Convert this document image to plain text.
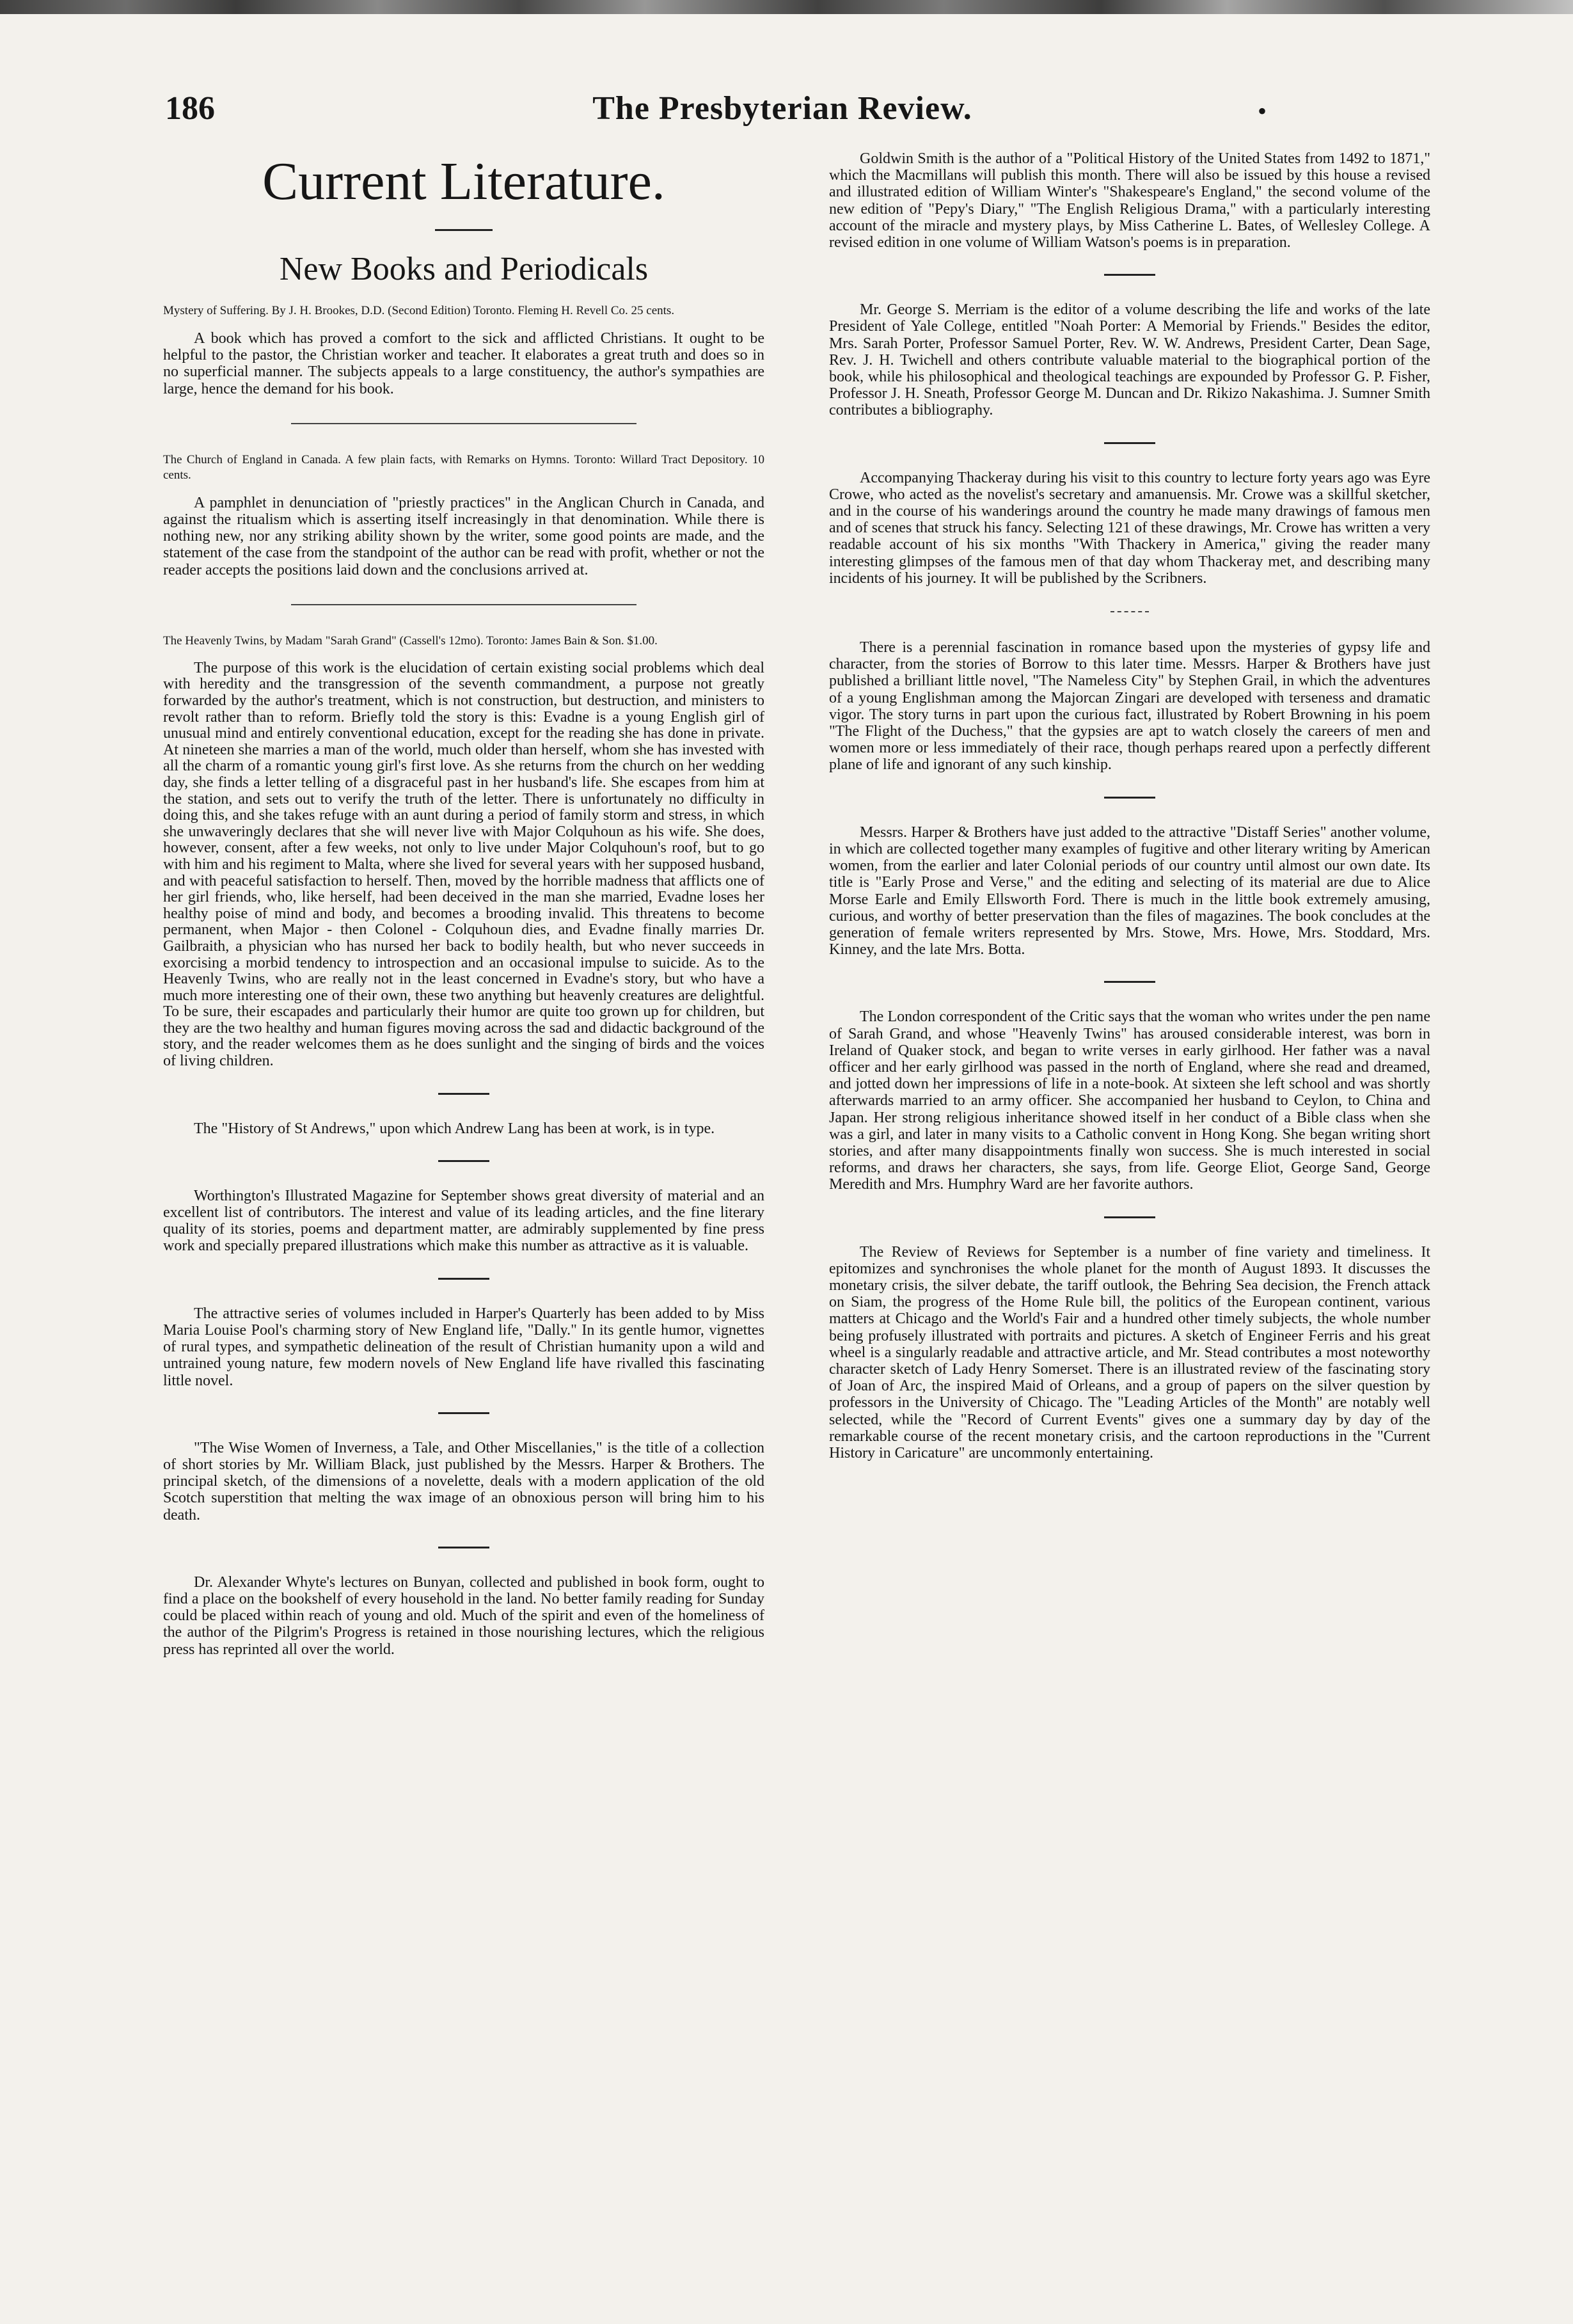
186	The Presbyterian Review.	•
Current Literature.
New Books and Periodicals
Mystery of Suffering. By J. H. Brookes, D.D. (Second Edition) Toronto. Fleming H. Revell Co. 25 cents.

A book which has proved a comfort to the sick and afflicted Christians. It ought to be helpful to the pastor, the Christian worker and teacher. It elaborates a great truth and does so in no superficial manner. The subjects appeals to a large constituency, the author's sympathies are large, hence the demand for his book.

The Church of England in Canada. A few plain facts, with Remarks on Hymns. Toronto: Willard Tract Depository. 10 cents.

A pamphlet in denunciation of "priestly practices" in the Anglican Church in Canada, and against the ritualism which is asserting itself increasingly in that denomination. While there is nothing new, nor any striking ability shown by the writer, some good points are made, and the statement of the case from the standpoint of the author can be read with profit, whether or not the reader accepts the positions laid down and the conclusions arrived at.

The Heavenly Twins, by Madam "Sarah Grand" (Cassell's 12mo). Toronto: James Bain & Son. $1.00.

The purpose of this work is the elucidation of certain existing social problems which deal with heredity and the transgression of the seventh commandment, a purpose not greatly forwarded by the author's treatment, which is not construction, but destruction, and ministers to revolt rather than to reform. Briefly told the story is this: Evadne is a young English girl of unusual mind and entirely conventional education, except for the reading she has done in private. At nineteen she marries a man of the world, much older than herself, whom she has invested with all the charm of a romantic young girl's first love. As she returns from the church on her wedding day, she finds a letter telling of a disgraceful past in her husband's life. She escapes from him at the station, and sets out to verify the truth of the letter. There is unfortunately no difficulty in doing this, and she takes refuge with an aunt during a period of family storm and stress, in which she unwaveringly declares that she will never live with Major Colquhoun as his wife. She does, however, consent, after a few weeks, not only to live under Major Colquhoun's roof, but to go with him and his regiment to Malta, where she lived for several years with her supposed husband, and with peaceful satisfaction to herself. Then, moved by the horrible madness that afflicts one of her girl friends, who, like herself, had been deceived in the man she married, Evadne loses her healthy poise of mind and body, and becomes a brooding invalid. This threatens to become permanent, when Major - then Colonel - Colquhoun dies, and Evadne finally marries Dr. Gailbraith, a physician who has nursed her back to bodily health, but who never succeeds in exorcising a morbid tendency to introspection and an occasional impulse to suicide. As to the Heavenly Twins, who are really not in the least concerned in Evadne's story, but who have a much more interesting one of their own, these two anything but heavenly creatures are delightful. To be sure, their escapades and particularly their humor are quite too grown up for children, but they are the two healthy and human figures moving across the sad and didactic background of the story, and the reader welcomes them as he does sunlight and the singing of birds and the voices of living children.

The "History of St Andrews," upon which Andrew Lang has been at work, is in type.

Worthington's Illustrated Magazine for September shows great diversity of material and an excellent list of contributors. The interest and value of its leading articles, and the fine literary quality of its stories, poems and department matter, are admirably supplemented by fine press work and specially prepared illustrations which make this number as attractive as it is valuable.

The attractive series of volumes included in Harper's Quarterly has been added to by Miss Maria Louise Pool's charming story of New England life, "Dally." In its gentle humor, vignettes of rural types, and sympathetic delineation of the result of Christian humanity upon a wild and untrained young nature, few modern novels of New England life have rivalled this fascinating little novel.

"The Wise Women of Inverness, a Tale, and Other Miscellanies," is the title of a collection of short stories by Mr. William Black, just published by the Messrs. Harper & Brothers. The principal sketch, of the dimensions of a novelette, deals with a modern application of the old Scotch superstition that melting the wax image of an obnoxious person will bring him to his death.

Dr. Alexander Whyte's lectures on Bunyan, collected and published in book form, ought to find a place on the bookshelf of every household in the land. No better family reading for Sunday could be placed within reach of young and old. Much of the spirit and even of the homeliness of the author of the Pilgrim's Progress is retained in those nourishing lectures, which the religious press has reprinted all over the world.

Goldwin Smith is the author of a "Political History of the United States from 1492 to 1871," which the Macmillans will publish this month. There will also be issued by this house a revised and illustrated edition of William Winter's "Shakespeare's England," the second volume of the new edition of "Pepy's Diary," "The English Religious Drama," with a particularly interesting account of the miracle and mystery plays, by Miss Catherine L. Bates, of Wellesley College. A revised edition in one volume of William Watson's poems is in preparation.

Mr. George S. Merriam is the editor of a volume describing the life and works of the late President of Yale College, entitled "Noah Porter: A Memorial by Friends." Besides the editor, Mrs. Sarah Porter, Professor Samuel Porter, Rev. W. W. Andrews, President Carter, Dean Sage, Rev. J. H. Twichell and others contribute valuable material to the biographical portion of the book, while his philosophical and theological teachings are expounded by Professor G. P. Fisher, Professor J. H. Sneath, Professor George M. Duncan and Dr. Rikizo Nakashima. J. Sumner Smith contributes a bibliography.

Accompanying Thackeray during his visit to this country to lecture forty years ago was Eyre Crowe, who acted as the novelist's secretary and amanuensis. Mr. Crowe was a skillful sketcher, and in the course of his wanderings around the country he made many drawings of famous men and of scenes that struck his fancy. Selecting 121 of these drawings, Mr. Crowe has written a very readable account of his six months "With Thackery in America," giving the reader many interesting glimpses of the famous men of that day whom Thackeray met, and describing many incidents of his journey. It will be published by the Scribners.

There is a perennial fascination in romance based upon the mysteries of gypsy life and character, from the stories of Borrow to this later time. Messrs. Harper & Brothers have just published a brilliant little novel, "The Nameless City" by Stephen Grail, in which the adventures of a young Englishman among the Majorcan Zingari are developed with terseness and dramatic vigor. The story turns in part upon the curious fact, illustrated by Robert Browning in his poem "The Flight of the Duchess," that the gypsies are apt to watch closely the careers of men and women more or less immediately of their race, though perhaps reared upon a perfectly different plane of life and ignorant of any such kinship.

Messrs. Harper & Brothers have just added to the attractive "Distaff Series" another volume, in which are collected together many examples of fugitive and other literary writing by American women, from the earlier and later Colonial periods of our country until almost our own date. Its title is "Early Prose and Verse," and the editing and selecting of its material are due to Alice Morse Earle and Emily Ellsworth Ford. There is much in the little book extremely amusing, curious, and worthy of better preservation than the files of magazines. The book concludes at the generation of female writers represented by Mrs. Stowe, Mrs. Howe, Mrs. Stoddard, Mrs. Kinney, and the late Mrs. Botta.

The London correspondent of the Critic says that the woman who writes under the pen name of Sarah Grand, and whose "Heavenly Twins" has aroused considerable interest, was born in Ireland of Quaker stock, and began to write verses in early girlhood. Her father was a naval officer and her early girlhood was passed in the north of England, where she read and dreamed, and jotted down her impressions of life in a note-book. At sixteen she left school and was shortly afterwards married to an army officer. She accompanied her husband to Ceylon, to China and Japan. Her strong religious inheritance showed itself in her conduct of a Bible class when she was a girl, and later in many visits to a Catholic convent in Hong Kong. She began writing short stories, and after many disappointments finally won success. She is much interested in social reforms, and draws her characters, she says, from life. George Eliot, George Sand, George Meredith and Mrs. Humphry Ward are her favorite authors.

The Review of Reviews for September is a number of fine variety and timeliness. It epitomizes and synchronises the whole planet for the month of August 1893. It discusses the monetary crisis, the silver debate, the tariff outlook, the Behring Sea decision, the French attack on Siam, the progress of the Home Rule bill, the politics of the European continent, various matters at Chicago and the World's Fair and a hundred other timely subjects, the whole number being profusely illustrated with portraits and pictures. A sketch of Engineer Ferris and his great wheel is a singularly readable and attractive article, and Mr. Stead contributes a most noteworthy character sketch of Lady Henry Somerset. There is an illustrated review of the fascinating story of Joan of Arc, the inspired Maid of Orleans, and a group of papers on the silver question by professors in the University of Chicago. The "Leading Articles of the Month" are notably well selected, while the "Record of Current Events" gives one a summary day by day of the remarkable course of the recent monetary crisis, and the cartoon reproductions in the "Current History in Caricature" are uncommonly entertaining.
